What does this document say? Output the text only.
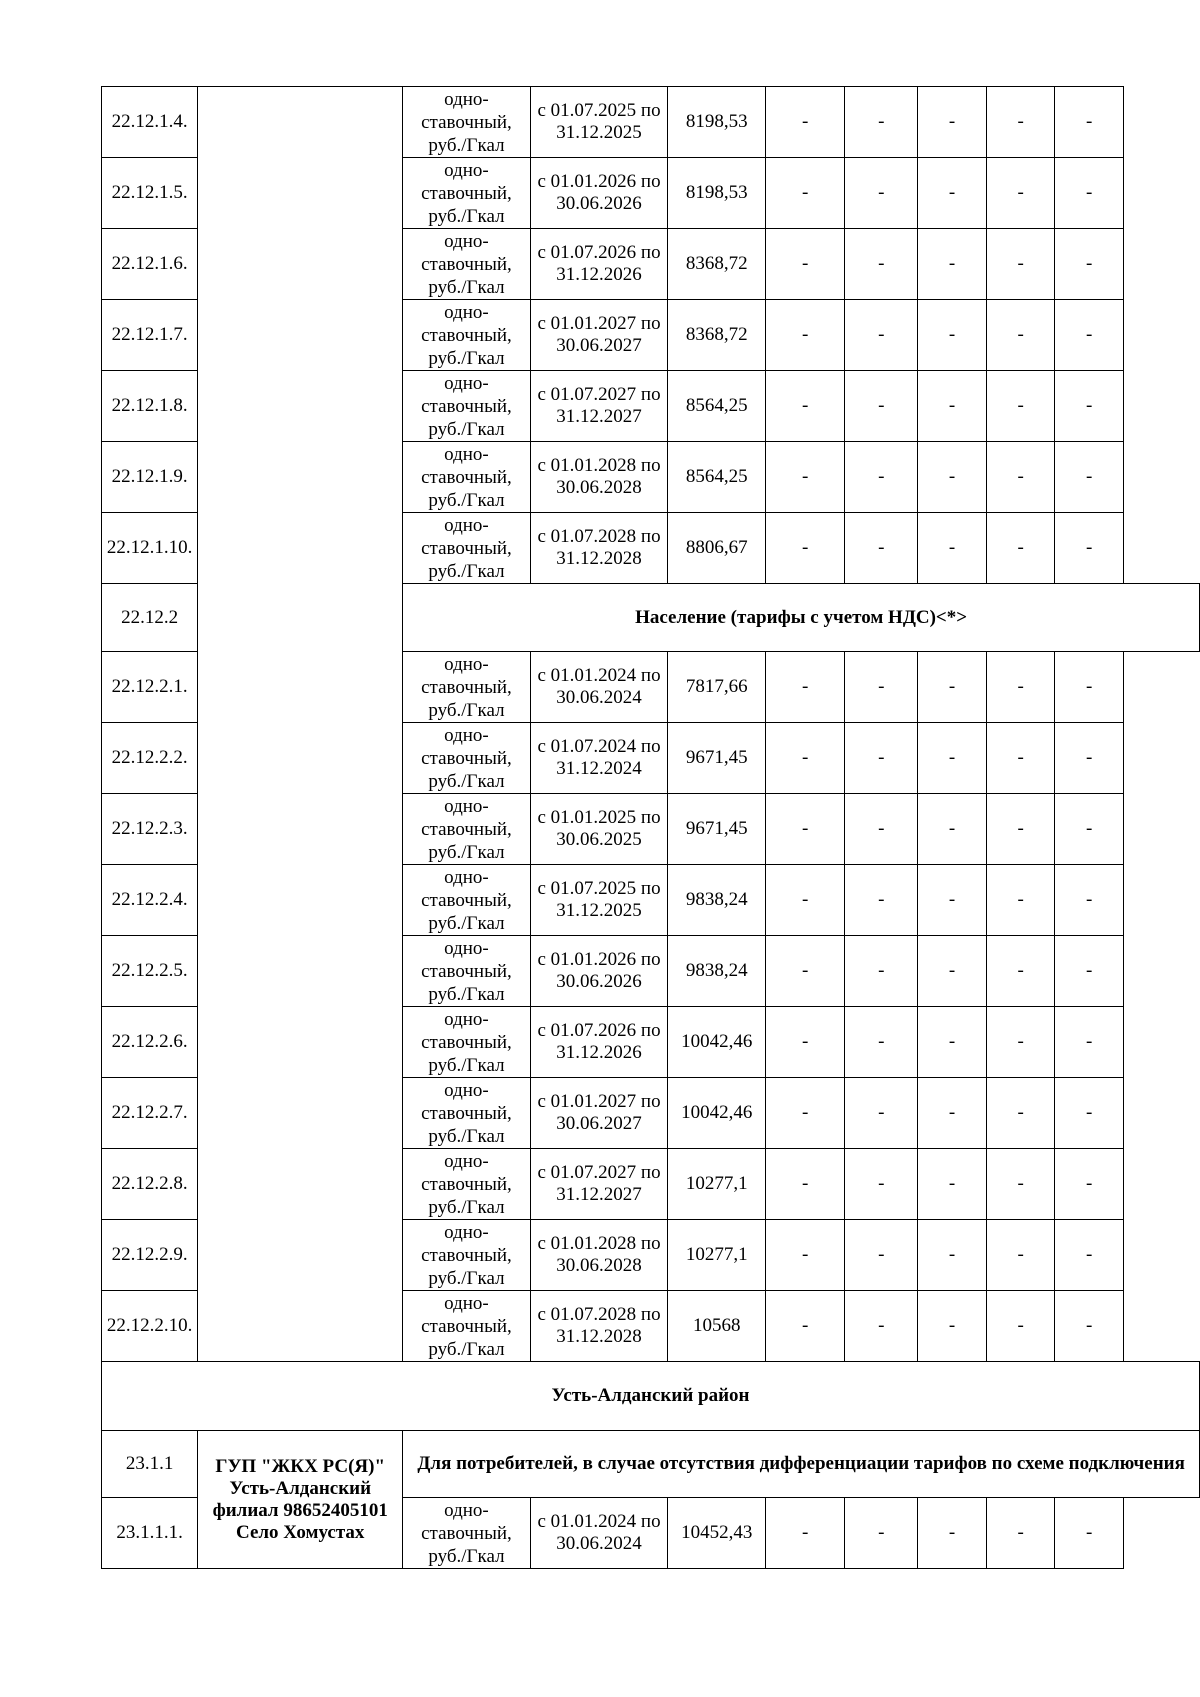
22.12.1.4.		одно-ставочный, руб./Гкал	с 01.07.2025 по 31.12.2025	8198,53	-	-	-	-	-
22.12.1.5.		одно-ставочный, руб./Гкал	с 01.01.2026 по 30.06.2026	8198,53	-	-	-	-	-
22.12.1.6.		одно-ставочный, руб./Гкал	с 01.07.2026 по 31.12.2026	8368,72	-	-	-	-	-
22.12.1.7.		одно-ставочный, руб./Гкал	с 01.01.2027 по 30.06.2027	8368,72	-	-	-	-	-
22.12.1.8.		одно-ставочный, руб./Гкал	с 01.07.2027 по 31.12.2027	8564,25	-	-	-	-	-
22.12.1.9.		одно-ставочный, руб./Гкал	с 01.01.2028 по 30.06.2028	8564,25	-	-	-	-	-
22.12.1.10.		одно-ставочный, руб./Гкал	с 01.07.2028 по 31.12.2028	8806,67	-	-	-	-	-
22.12.2		Население (тарифы с учетом НДС)<*>							
22.12.2.1.		одно-ставочный, руб./Гкал	с 01.01.2024 по 30.06.2024	7817,66	-	-	-	-	-
22.12.2.2.		одно-ставочный, руб./Гкал	с 01.07.2024 по 31.12.2024	9671,45	-	-	-	-	-
22.12.2.3.		одно-ставочный, руб./Гкал	с 01.01.2025 по 30.06.2025	9671,45	-	-	-	-	-
22.12.2.4.		одно-ставочный, руб./Гкал	с 01.07.2025 по 31.12.2025	9838,24	-	-	-	-	-
22.12.2.5.		одно-ставочный, руб./Гкал	с 01.01.2026 по 30.06.2026	9838,24	-	-	-	-	-
22.12.2.6.		одно-ставочный, руб./Гкал	с 01.07.2026 по 31.12.2026	10042,46	-	-	-	-	-
22.12.2.7.		одно-ставочный, руб./Гкал	с 01.01.2027 по 30.06.2027	10042,46	-	-	-	-	-
22.12.2.8.		одно-ставочный, руб./Гкал	с 01.07.2027 по 31.12.2027	10277,1	-	-	-	-	-
22.12.2.9.		одно-ставочный, руб./Гкал	с 01.01.2028 по 30.06.2028	10277,1	-	-	-	-	-
22.12.2.10.		одно-ставочный, руб./Гкал	с 01.07.2028 по 31.12.2028	10568	-	-	-	-	-
Усть-Алданский район									
23.1.1	ГУП "ЖКХ РС(Я)" Усть-Алданский филиал 98652405101 Село Хомустах	Для потребителей, в случае отсутствия дифференциации тарифов по схеме подключения							
23.1.1.1.		одно-ставочный, руб./Гкал	с 01.01.2024 по 30.06.2024	10452,43	-	-	-	-	-
